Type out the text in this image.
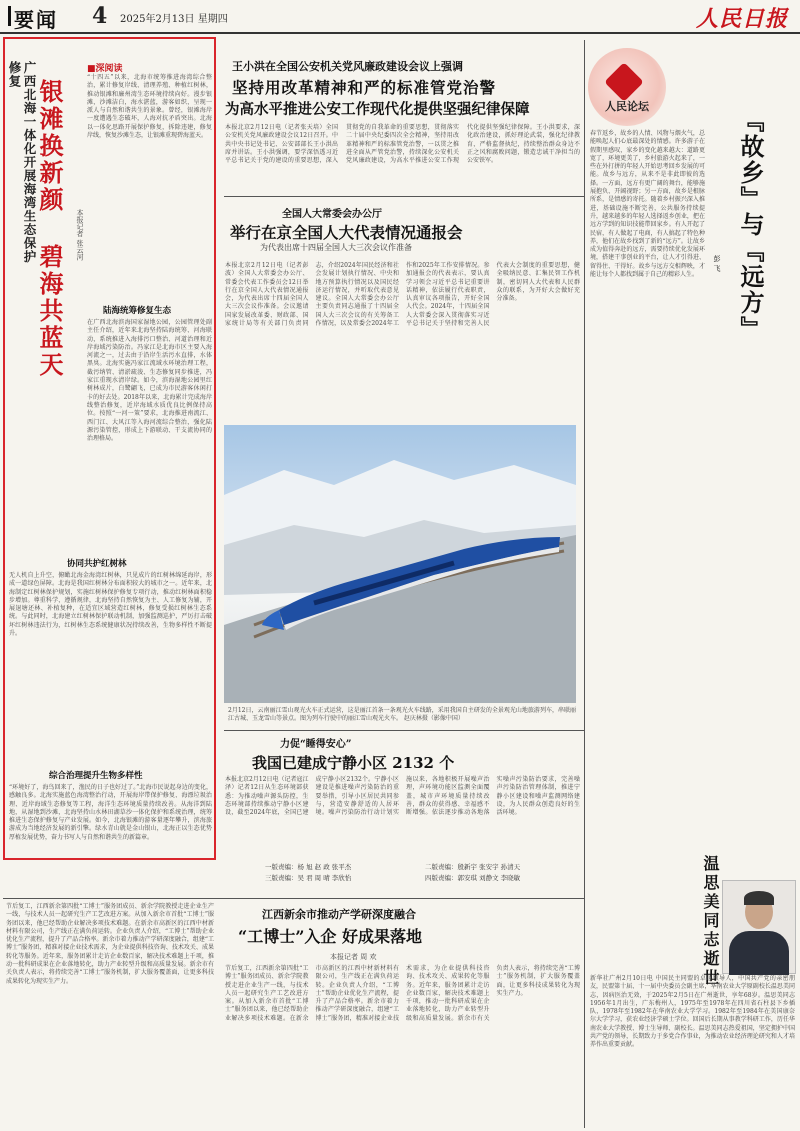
要闻 4 2025年2月13日 星期四	人民日报
广西北海一体化开展海湾生态保护修复
银滩换新颜
碧海共蓝天
本报记者 张云河
■深阅读
“十四五”以来，北海市统筹推进海湾综合整治，累计修复岸线、清理养殖、种植红树林，推动银滩和廉州湾生态环境持续向好。漫步银滩，沙滩洁白，海水湛蓝，游客如织，呈现一派人与自然和谐共生的景象。曾经，银滩海岸一度遭遇生态破坏，人海对抗矛盾突出。北海以一体化思路开展保护修复，拆除违建，修复岸线，恢复沙滩生态，让银滩重现碧海蓝天。
陆海统筹修复生态
在广西北海滨海国家湿地公园，公园管理处副主任介绍，近年来北海坚持陆海统筹、河海联动，系统推进入海排污口整治、河道治理和近岸海域污染防治。冯家江是北海市区主要入海河流之一，过去由于沿岸生活污水直排，水体黑臭。北海实施冯家江流域水环境治理工程，截污纳管、清淤疏浚、生态修复同步推进，冯家江重现水清岸绿。如今，滨海湿地公园里红树林成片，白鹭翩飞，已成为市民游客休闲打卡的好去处。2018年以来，北海累计完成海岸线整治修复，近岸海域水质优良比例保持高位。按照“一河一策”要求，北海推进南流江、西门江、大风江等入海河流综合整治，强化陆源污染管控，形成上下游联动、干支流协同的治理格局。
协同共护红树林
无人机自上升空，俯瞰北海金海湾红树林，只见成片的红树林绵延海岸，形成一道绿色屏障。北海是我国红树林分布面积较大的城市之一。近年来，北海制定红树林保护规划，实施红树林保护修复专项行动，推动红树林面积稳步增加。尊重科学，遵循规律，北海坚持自然恢复为主、人工修复为辅，开展退塘还林、补植复种，在适宜区域营造红树林，修复受损红树林生态系统。与此同时，北海建立红树林保护联动机制，加强监测巡护，严厉打击破坏红树林违法行为，红树林生态系统健康状况持续改善，生物多样性不断提升。
综合治理提升生物多样性
“环境好了，海鸟回来了，渔民的日子也好过了。”北海市民说起身边的变化，感触良多。北海实施蓝色海湾整治行动，开展海岸带保护修复、海漂垃圾治理、近岸海域生态修复等工程，海洋生态环境质量持续改善。从海洋到陆地，从湿地到沙滩，北海坚持山水林田湖草沙一体化保护和系统治理，统筹推进生态保护修复与产业发展。如今，北海银滩的游客量逐年攀升，滨海旅游成为当地经济发展的新引擎。绿水青山就是金山银山，北海正以生态优势厚植发展优势，奋力书写人与自然和谐共生的新篇章。
王小洪在全国公安机关党风廉政建设会议上强调
坚持用改革精神和严的标准管党治警
为高水平推进公安工作现代化提供坚强纪律保障
本报北京2月12日电（记者张天培）全国公安机关党风廉政建设会议12日召开。中共中央书记处书记、公安部部长王小洪出席并讲话。王小洪强调，要学深悟透习近平总书记关于党的建设的重要思想，深入贯彻党的自我革命的重要思想，贯彻落实二十届中央纪委四次全会精神，坚持用改革精神和严的标准管党治警，一以贯之推进全面从严管党治警，持续深化公安机关党风廉政建设，为高水平推进公安工作现代化提供坚强纪律保障。王小洪要求，深化政治建设，抓好理论武装，强化纪律教育，严格监督执纪，持续整治群众身边不正之风和腐败问题，锻造忠诚干净担当的公安铁军。
全国人大常委会办公厅
举行在京全国人大代表情况通报会
为代表出席十四届全国人大三次会议作准备
本报北京2月12日电（记者彭波）全国人大常委会办公厅、常委会代表工作委员会12日举行在京全国人大代表情况通报会，为代表出席十四届全国人大三次会议作准备。会议邀请国家发展改革委、财政部、国家统计局等有关部门负责同志，介绍2024年国民经济和社会发展计划执行情况、中央和地方预算执行情况以及国民经济运行情况，并听取代表意见建议。全国人大常委会办公厅主要负责同志通报了十四届全国人大三次会议的有关筹备工作情况，以及常委会2024年工作和2025年工作安排情况。参加通报会的代表表示，要认真学习领会习近平总书记重要讲话精神，依法履行代表职责，认真审议各项报告，开好全国人代会。2024年，十四届全国人大常委会深入贯彻落实习近平总书记关于坚持和完善人民代表大会制度的重要思想，健全吸纳民意、汇集民智工作机制，密切同人大代表和人民群众的联系，为开好大会做好充分准备。
人民论坛
『故乡』与『远方』
彭 飞
春节返乡，故乡的人情、风物与烟火气，总能唤起人们心底最深处的情感。许多游子在假期里感叹，家乡的变化越来越大：道路更宽了，环境更美了，乡村旅游火起来了，一些在外打拼的年轻人开始思考回乡发展的可能。故乡与远方，从来不是非此即彼的选择。一方面，远方有更广阔的舞台，能够施展抱负、开阔视野；另一方面，故乡是根脉所系，是情感的寄托。随着乡村振兴深入推进，基础设施不断完善，公共服务持续提升，越来越多的年轻人选择返乡创业，把在远方学到的知识技能带回家乡。有人开起了民宿，有人做起了电商，有人搞起了特色种养，他们在故乡找到了新的“远方”。让故乡成为值得奔赴的远方，需要持续优化发展环境，搭建干事创业的平台，让人才引得进、留得住、干得好。故乡与远方交相辉映，才能让每个人都找到属于自己的精彩人生。
2月12日，云南丽江雪山观光火车正式运营，这是丽江首条一条观光火车线路，采用我国自主研发的全景观光山地旅游列车，串联丽江古城、玉龙雪山等景点。图为列车行驶中的丽江雪山观光火车。 赵庆林摄（影像中国）
力促“睡得安心”
我国已建成宁静小区 2132 个
本报北京2月12日电（记者寇江泽）记者12日从生态环境部获悉：为推动噪声源头防控，生态环境部持续推动宁静小区建设，截至2024年底，全国已建成宁静小区2132个。宁静小区建设是推进噪声污染防治的重要举措，引导小区居民共同参与，营造安静舒适的人居环境。噪声污染防治行动计划实施以来，各地积极开展噪声治理，声环境功能区监测全面覆盖，城市声环境质量持续改善，群众的获得感、幸福感不断增强。依法逐步推动各地落实噪声污染防治要求，完善噪声污染防治管理体制，推进宁静小区建设和噪声监测网络建设，为人民群众创造良好的生活环境。
温思美同志逝世
新华社广州2月10日电 中国民主同盟的卓越领导人，中国共产党的亲密朋友，民盟第十届、十一届中央委员会副主席，华南农业大学原副校长温思美同志，因病医治无效，于2025年2月5日在广州逝世，享年68岁。温思美同志1956年1月出生，广东梅州人，1975年至1978年在四川省石柱县下乡插队，1978年至1982年在华南农业大学学习。1982年至1984年在美国康奈尔大学学习，获农业经济学硕士学位。回国后长期从事教学科研工作，历任华南农业大学教授、博士生导师、副校长。温思美同志热爱祖国，坚定拥护中国共产党的领导，长期致力于多党合作事业，为推动农业经济理论研究和人才培养作出重要贡献。
一版责编：杨 旭 赵 政 张平杰
三版责编：吴 君 周 晴 李欣怡
二版责编：殷新宇 张安宇 孙清天
四版责编：郭安琪 刘静文 李晓敏
江西新余市推动产学研深度融合
“工博士”入企 好成果落地
本报记者 周 欢
节后复工，江西新余第四批“工博士”服务团成员、新余学院教授走进企业生产一线，与技术人员一起研究生产工艺改进方案。从加入新余市首批“工博士”服务团以来，他已经帮助企业解决多项技术难题。在新余市高新区的江西中材新材料有限公司，生产线正在满负荷运转。企业负责人介绍，“工博士”帮助企业优化生产流程，提升了产品合格率。新余市着力推动产学研深度融合，组建“工博士”服务团，精准对接企业技术需求，为企业提供科技咨询、技术攻关、成果转化等服务。近年来，服务团累计走访企业数百家，解决技术难题上千项，推动一批科研成果在企业落地转化，助力产业转型升级和高质量发展。新余市有关负责人表示，将持续完善“工博士”服务机制，扩大服务覆盖面，让更多科技成果转化为现实生产力。
节后复工，江西新余第四批“工博士”服务团成员、新余学院教授走进企业生产一线，与技术人员一起研究生产工艺改进方案。从加入新余市首批“工博士”服务团以来，他已经帮助企业解决多项技术难题。在新余市高新区的江西中材新材料有限公司，生产线正在满负荷运转。企业负责人介绍，“工博士”帮助企业优化生产流程，提升了产品合格率。新余市着力推动产学研深度融合，组建“工博士”服务团，精准对接企业技术需求，为企业提供科技咨询、技术攻关、成果转化等服务。近年来，服务团累计走访企业数百家，解决技术难题上千项，推动一批科研成果在企业落地转化，助力产业转型升级和高质量发展。新余市有关负责人表示，将持续完善“工博士”服务机制，扩大服务覆盖面，让更多科技成果转化为现实生产力。
